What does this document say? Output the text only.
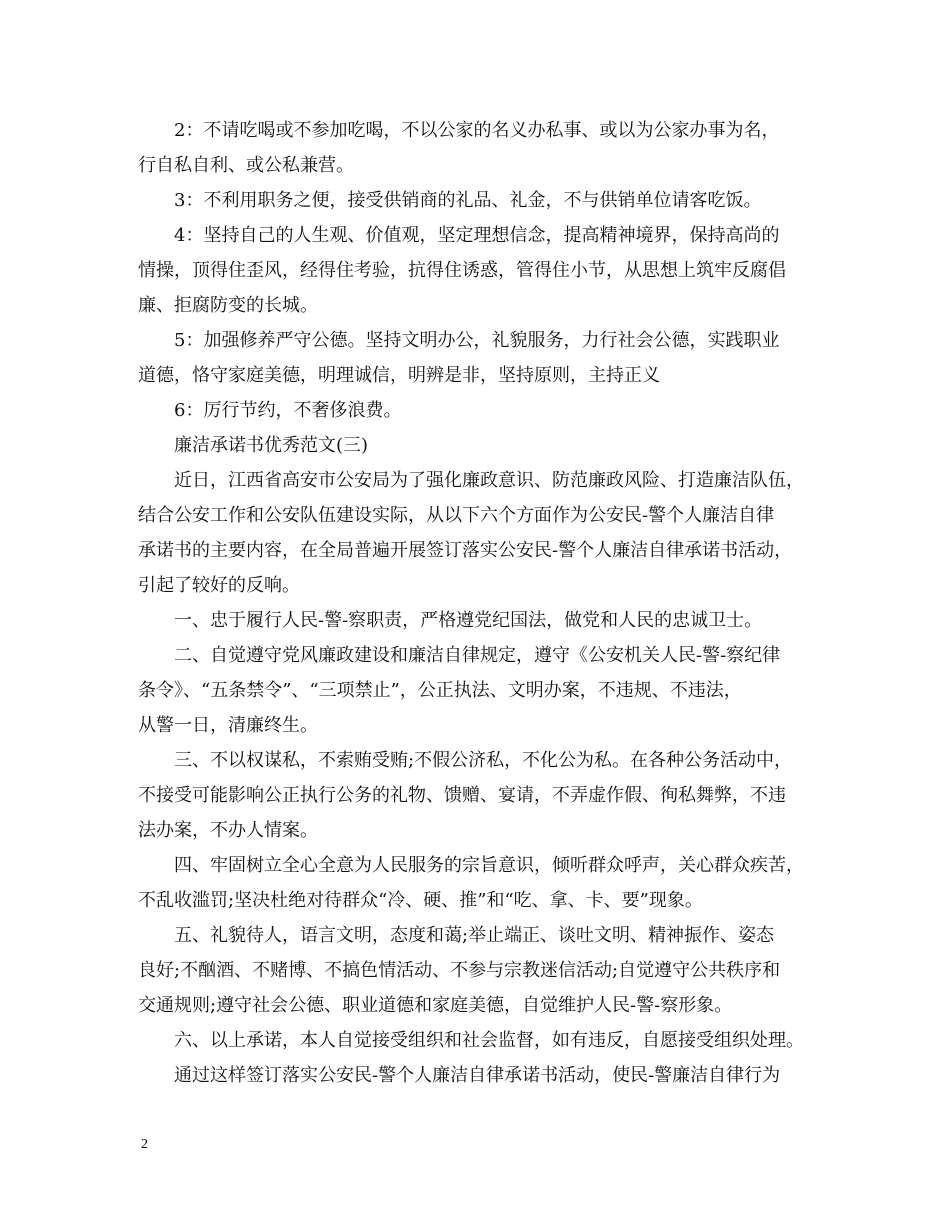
2：不请吃喝或不参加吃喝，不以公家的名义办私事、或以为公家办事为名，
行自私自利、或公私兼营。

3：不利用职务之便，接受供销商的礼品、礼金，不与供销单位请客吃饭。

4：坚持自己的人生观、价值观，坚定理想信念，提高精神境界，保持高尚的
情操，顶得住歪风，经得住考验，抗得住诱惑，管得住小节，从思想上筑牢反腐倡
廉、拒腐防变的长城。

5：加强修养严守公德。坚持文明办公，礼貌服务，力行社会公德，实践职业
道德，恪守家庭美德，明理诚信，明辨是非，坚持原则，主持正义

6：厉行节约，不奢侈浪费。

廉洁承诺书优秀范文(三)

近日，江西省高安市公安局为了强化廉政意识、防范廉政风险、打造廉洁队伍，
结合公安工作和公安队伍建设实际，从以下六个方面作为公安民-警个人廉洁自律
承诺书的主要内容，在全局普遍开展签订落实公安民-警个人廉洁自律承诺书活动，
引起了较好的反响。

一、忠于履行人民-警-察职责，严格遵党纪国法，做党和人民的忠诚卫士。

二、自觉遵守党风廉政建设和廉洁自律规定，遵守《公安机关人民-警-察纪律
条令》、“五条禁令”、“三项禁止”，公正执法、文明办案，不违规、不违法，
从警一日，清廉终生。

三、不以权谋私，不索贿受贿;不假公济私，不化公为私。在各种公务活动中，
不接受可能影响公正执行公务的礼物、馈赠、宴请，不弄虚作假、徇私舞弊，不违
法办案，不办人情案。

四、牢固树立全心全意为人民服务的宗旨意识，倾听群众呼声，关心群众疾苦，
不乱收滥罚;坚决杜绝对待群众“冷、硬、推”和“吃、拿、卡、要”现象。

五、礼貌待人，语言文明，态度和蔼;举止端正、谈吐文明、精神振作、姿态
良好;不酗酒、不赌博、不搞色情活动、不参与宗教迷信活动;自觉遵守公共秩序和
交通规则;遵守社会公德、职业道德和家庭美德，自觉维护人民-警-察形象。

六、以上承诺，本人自觉接受组织和社会监督，如有违反，自愿接受组织处理。

通过这样签订落实公安民-警个人廉洁自律承诺书活动，使民-警廉洁自律行为

2
